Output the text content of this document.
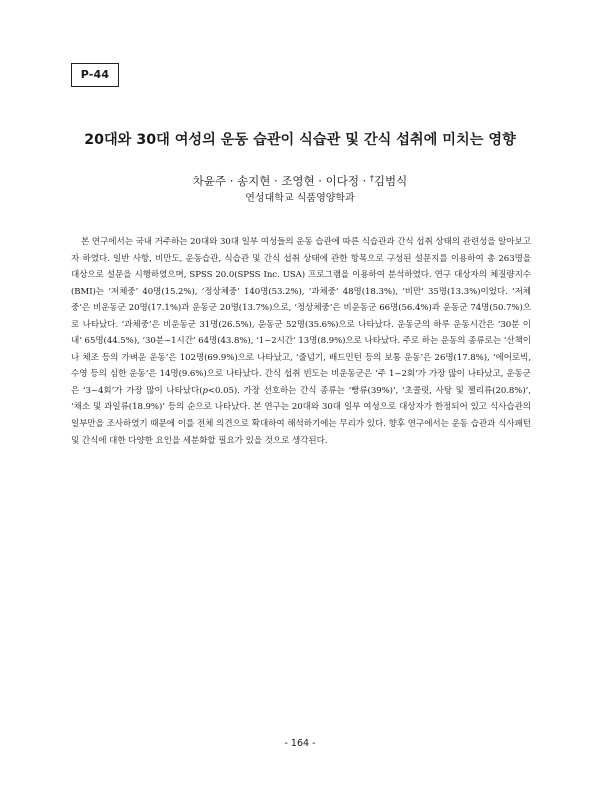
P-44
20대와 30대 여성의 운동 습관이 식습관 및 간식 섭취에 미치는 영향
차윤주 · 송지현 · 조영현 · 이다정 · †김범식
연성대학교 식품영양학과

본 연구에서는 국내 거주하는 20대와 30대 일부 여성들의 운동 습관에 따른 식습관과 간식 섭취 상태의 관련성을 알아보고자 하였다. 일반 사항, 비만도, 운동습관, 식습관 및 간식 섭취 상태에 관한 항목으로 구성된 설문지를 이용하여 총 263명을 대상으로 설문을 시행하였으며, SPSS 20.0(SPSS Inc. USA) 프로그램을 이용하여 분석하였다. 연구 대상자의 체질량지수(BMI)는 ‘저체중’ 40명(15.2%), ‘정상체중’ 140명(53.2%), ‘과체중’ 48명(18.3%), ‘비만’ 35명(13.3%)이었다. ‘저체중’은 비운동군 20명(17.1%)과 운동군 20명(13.7%)으로, ‘정상체중’은 비운동군 66명(56.4%)과 운동군 74명(50.7%)으로 나타났다. ‘과체중’은 비운동군 31명(26.5%), 운동군 52명(35.6%)으로 나타났다. 운동군의 하루 운동시간은 ‘30분 이내’ 65명(44.5%), ‘30분~1시간’ 64명(43.8%), ‘1~2시간’ 13명(8.9%)으로 나타났다. 주로 하는 운동의 종류로는 ‘산책이나 체조 등의 가벼운 운동’은 102명(69.9%)으로 나타났고, ‘줄넘기, 배드민턴 등의 보통 운동’은 26명(17.8%), ‘에어로빅, 수영 등의 심한 운동’은 14명(9.6%)으로 나타났다. 간식 섭취 빈도는 비운동군은 ‘주 1~2회’가 가장 많이 나타났고, 운동군은 ‘3~4회’가 가장 많이 나타났다(p<0.05). 가장 선호하는 간식 종류는 ‘빵류(39%)’, ‘초콜릿, 사탕 및 젤리류(20.8%)’, ‘채소 및 과일류(18.9%)’ 등의 순으로 나타났다. 본 연구는 20대와 30대 일부 여성으로 대상자가 한정되어 있고 식사습관의 일부만을 조사하였기 때문에 이를 전체 의견으로 확대하여 해석하기에는 무리가 있다. 향후 연구에서는 운동 습관과 식사패턴 및 간식에 대한 다양한 요인을 세분화할 필요가 있을 것으로 생각된다.

- 164 -
